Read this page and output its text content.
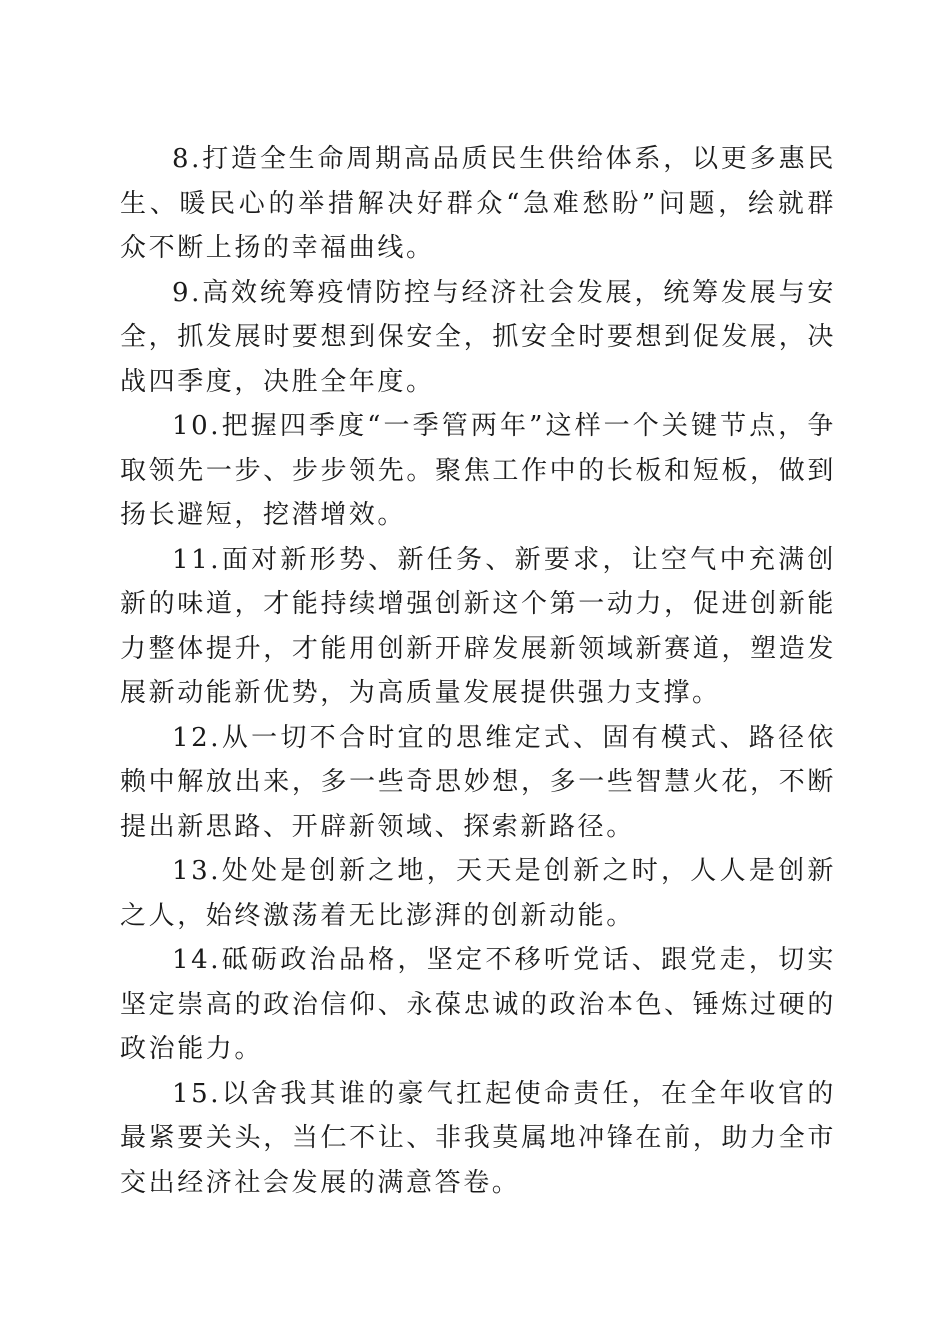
8.打造全生命周期高品质民生供给体系，以更多惠民生、暖民心的举措解决好群众“急难愁盼”问题，绘就群众不断上扬的幸福曲线。

9.高效统筹疫情防控与经济社会发展，统筹发展与安全，抓发展时要想到保安全，抓安全时要想到促发展，决战四季度，决胜全年度。

10.把握四季度“一季管两年”这样一个关键节点，争取领先一步、步步领先。聚焦工作中的长板和短板，做到扬长避短，挖潜增效。

11.面对新形势、新任务、新要求，让空气中充满创新的味道，才能持续增强创新这个第一动力，促进创新能力整体提升，才能用创新开辟发展新领域新赛道，塑造发展新动能新优势，为高质量发展提供强力支撑。

12.从一切不合时宜的思维定式、固有模式、路径依赖中解放出来，多一些奇思妙想，多一些智慧火花，不断提出新思路、开辟新领域、探索新路径。

13.处处是创新之地，天天是创新之时，人人是创新之人，始终激荡着无比澎湃的创新动能。

14.砥砺政治品格，坚定不移听党话、跟党走，切实坚定崇高的政治信仰、永葆忠诚的政治本色、锤炼过硬的政治能力。

15.以舍我其谁的豪气扛起使命责任，在全年收官的最紧要关头，当仁不让、非我莫属地冲锋在前，助力全市交出经济社会发展的满意答卷。
